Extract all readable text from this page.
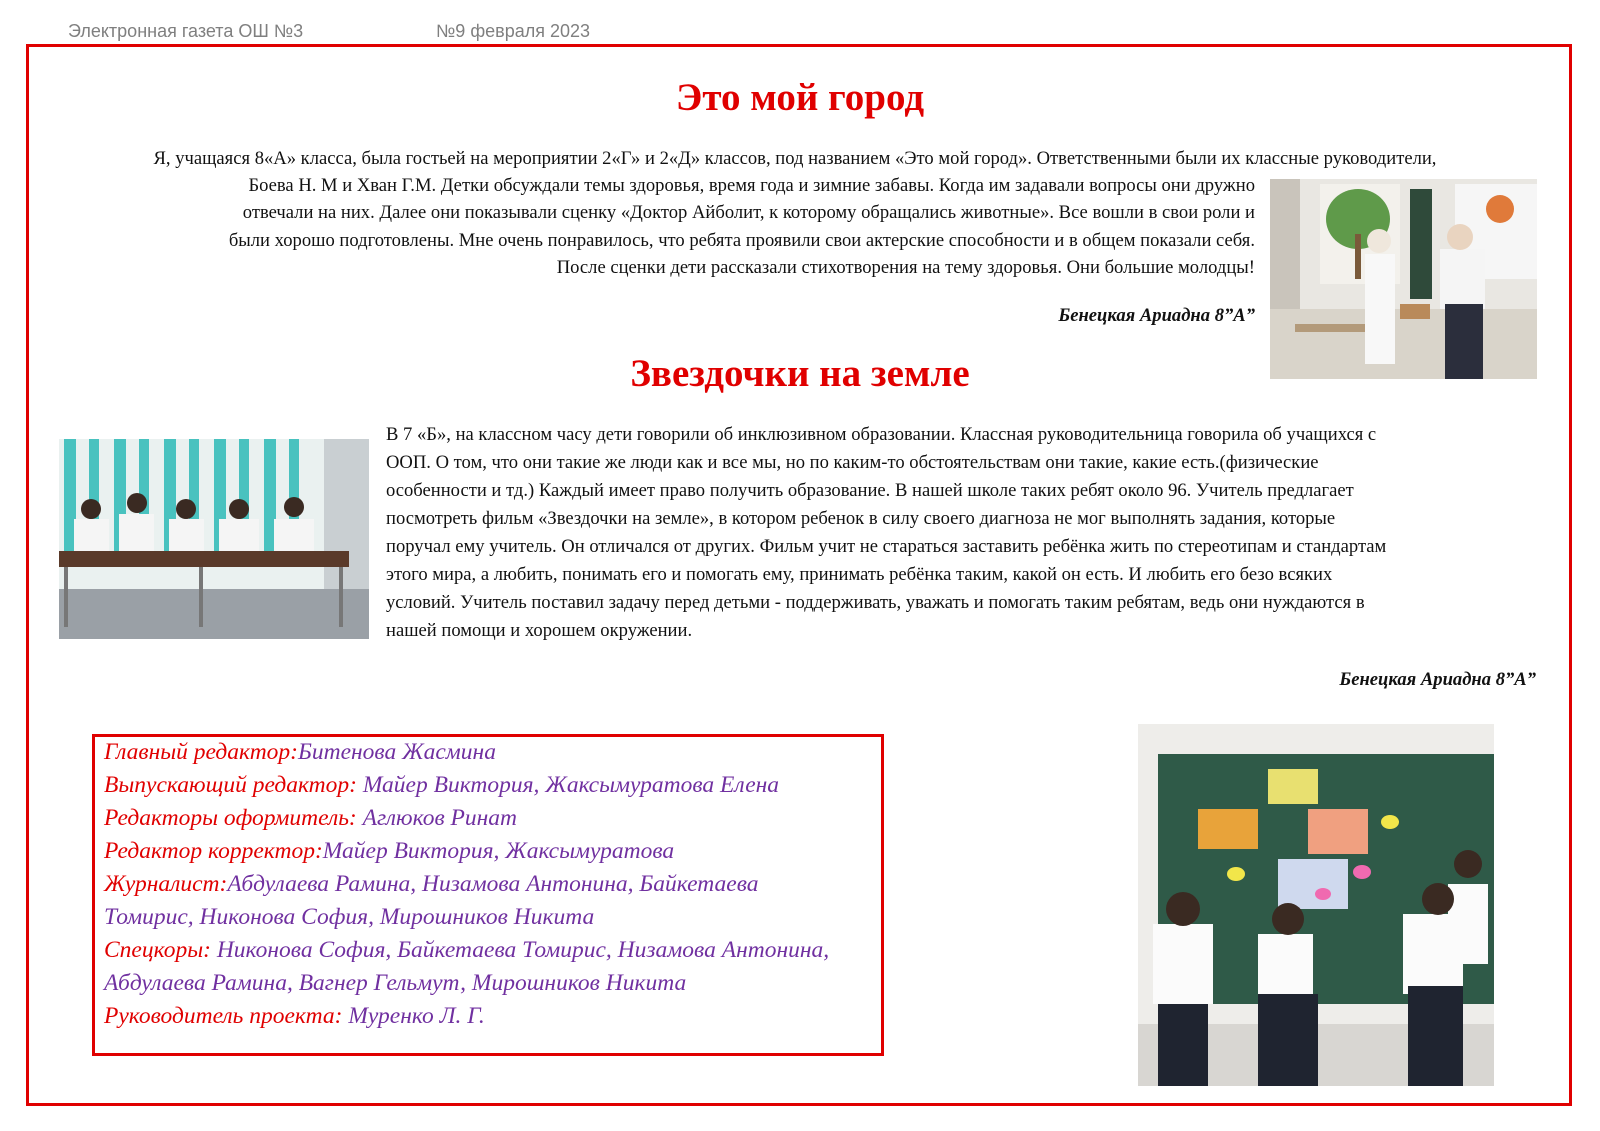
Электронная газета ОШ №3	№9 февраля 2023
Это мой город

Я, учащаяся 8«А» класса, была гостьей на мероприятии 2«Г» и 2«Д» классов, под названием «Это мой город». Ответственными были их классные руководители,

Боева Н. М и Хван Г.М. Детки обсуждали темы здоровья, время года и зимние забавы. Когда им задавали вопросы они дружно
отвечали на них. Далее они показывали сценку «Доктор Айболит, к которому обращались животные». Все вошли в свои роли и
были хорошо подготовлены. Мне очень понравилось, что ребята проявили свои актерские способности и в общем показали себя.
После сценки дети рассказали стихотворения на тему здоровья. Они большие молодцы!

Бенецкая Ариадна 8”А”

Звездочки на земле

В 7 «Б», на классном часу дети говорили об инклюзивном образовании. Классная руководительница говорила об учащихся с
ООП. О том, что они такие же люди как и все мы, но по каким-то обстоятельствам они такие, какие есть.(физические
особенности и тд.) Каждый имеет право получить образование. В нашей школе таких ребят около 96. Учитель предлагает
посмотреть фильм «Звездочки на земле», в котором ребенок в силу своего диагноза не мог выполнять задания, которые
поручал ему учитель. Он отличался от других. Фильм учит не стараться заставить ребёнка жить по стереотипам и стандартам
этого мира, а любить, понимать его и помогать ему, принимать ребёнка таким, какой он есть. И любить его безо всяких
условий. Учитель поставил задачу перед детьми - поддерживать, уважать и помогать таким ребятам, ведь они нуждаются в
нашей помощи и хорошем окружении.

Бенецкая Ариадна 8”А”

Главный редактор:Битенова Жасмина
Выпускающий редактор: Майер Виктория, Жаксымуратова Елена
Редакторы оформитель: Аглюков Ринат
Редактор корректор:Майер Виктория, Жаксымуратова
Журналист:Абдулаева Рамина, Низамова Антонина, Байкетаева
Томирис, Никонова София, Мирошников Никита
Спецкоры: Никонова София, Байкетаева Томирис, Низамова Антонина,
Абдулаева Рамина, Вагнер Гельмут, Мирошников Никита
Руководитель проекта: Муренко Л. Г.
